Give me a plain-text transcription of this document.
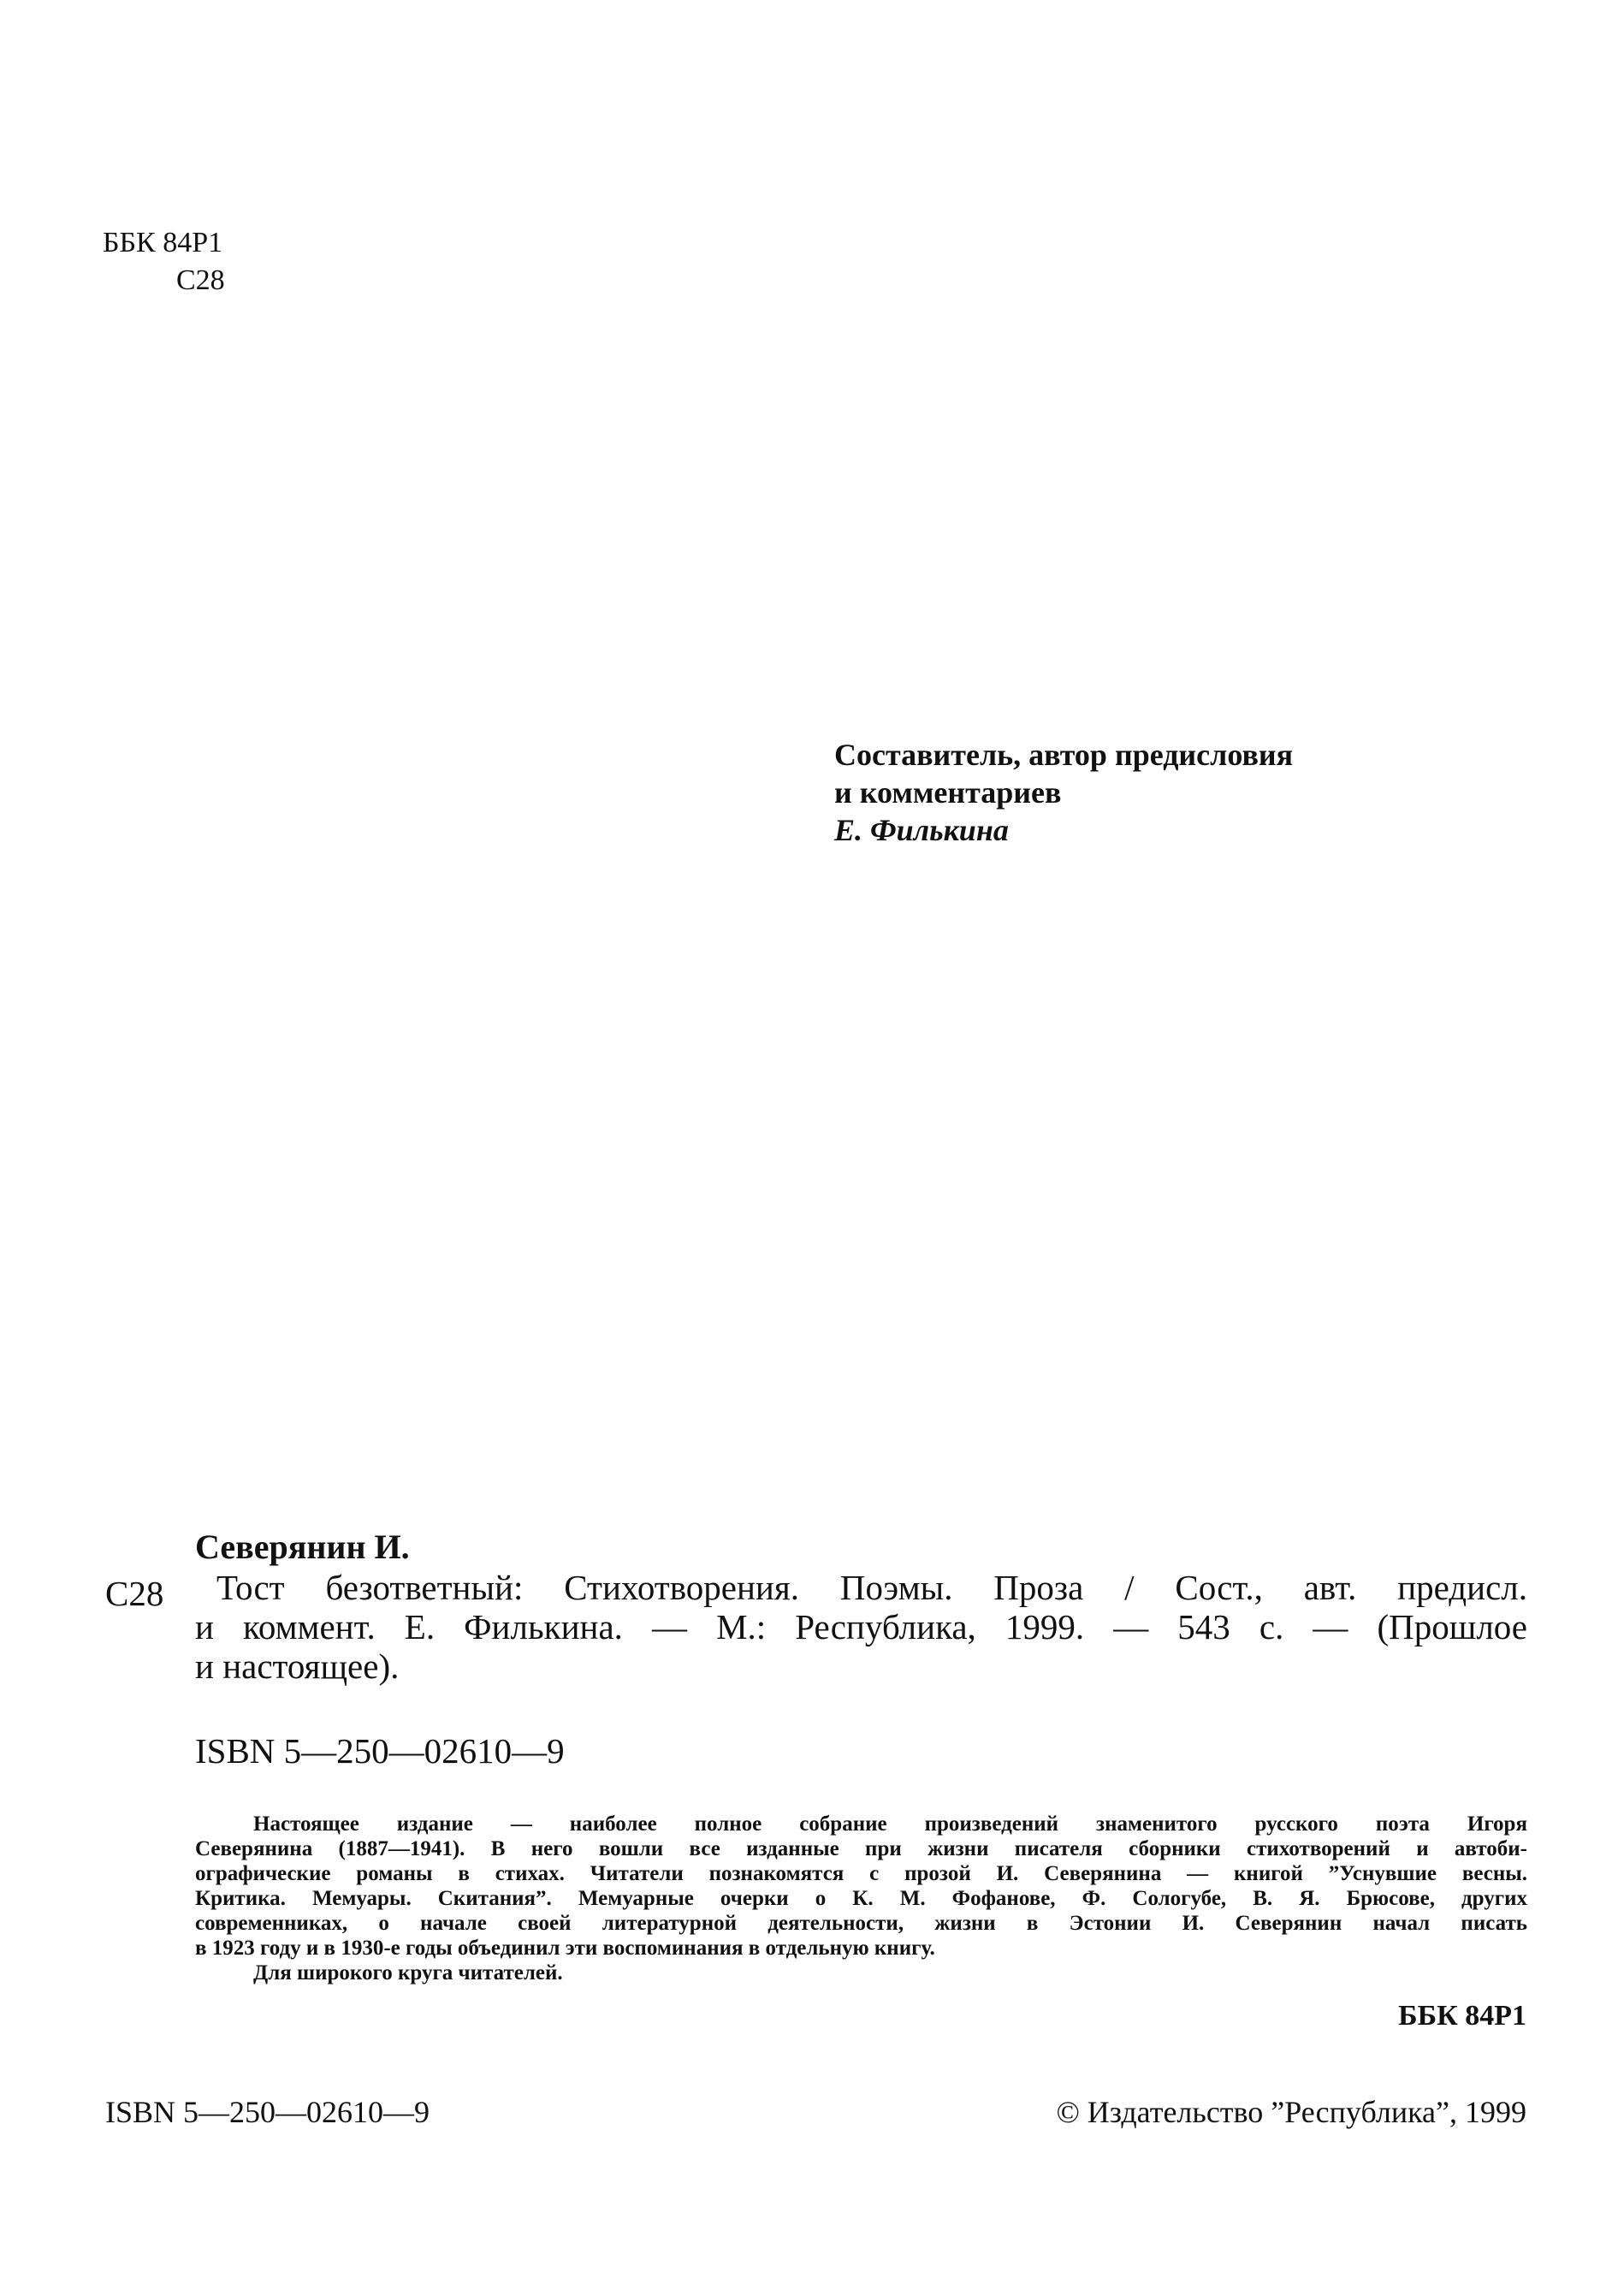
ББК 84Р1
С28
Составитель, автор предисловия
и комментариев
Е. Филькина
Северянин И.
С28 Тост безответный: Стихотворения. Поэмы. Проза / Сост., авт. предисл.
и коммент. Е. Филькина. — М.: Республика, 1999. — 543 с. — (Прошлое
и настоящее).
ISBN 5—250—02610—9
Настоящее издание — наиболее полное собрание произведений знаменитого русского поэта Игоря
Северянина (1887—1941). В него вошли все изданные при жизни писателя сборники стихотворений и автоби-
ографические романы в стихах. Читатели познакомятся с прозой И. Северянина — книгой ”Уснувшие весны.
Критика. Мемуары. Скитания”. Мемуарные очерки о К. М. Фофанове, Ф. Сологубе, В. Я. Брюсове, других
современниках, о начале своей литературной деятельности, жизни в Эстонии И. Северянин начал писать
в 1923 году и в 1930-е годы объединил эти воспоминания в отдельную книгу.
Для широкого круга читателей.
ББК 84Р1
ISBN 5—250—02610—9	© Издательство ”Республика”, 1999
